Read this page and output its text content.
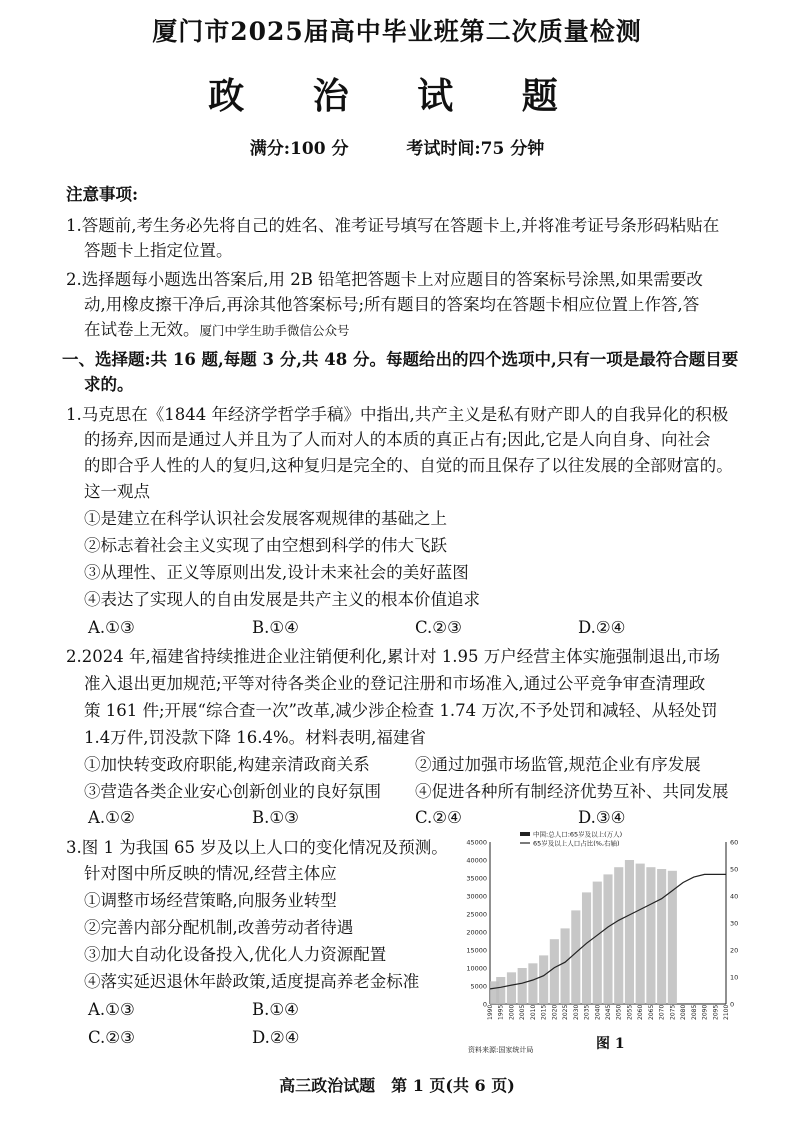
厦门市2025届高中毕业班第二次质量检测
政 治 试 题
满分:100 分	考试时间:75 分钟
注意事项:
1.答题前,考生务必先将自己的姓名、准考证号填写在答题卡上,并将准考证号条形码粘贴在
答题卡上指定位置。
2.选择题每小题选出答案后,用 2B 铅笔把答题卡上对应题目的答案标号涂黑,如果需要改
动,用橡皮擦干净后,再涂其他答案标号;所有题目的答案均在答题卡相应位置上作答,答
在试卷上无效。厦门中学生助手微信公众号
一、选择题:共 16 题,每题 3 分,共 48 分。每题给出的四个选项中,只有一项是最符合题目要
求的。
1.马克思在《1844 年经济学哲学手稿》中指出,共产主义是私有财产即人的自我异化的积极
的扬弃,因而是通过人并且为了人而对人的本质的真正占有;因此,它是人向自身、向社会
的即合乎人性的人的复归,这种复归是完全的、自觉的而且保存了以往发展的全部财富的。
这一观点
①是建立在科学认识社会发展客观规律的基础之上
②标志着社会主义实现了由空想到科学的伟大飞跃
③从理性、正义等原则出发,设计未来社会的美好蓝图
④表达了实现人的自由发展是共产主义的根本价值追求
A.①③	B.①④	C.②③	D.②④
2.2024 年,福建省持续推进企业注销便利化,累计对 1.95 万户经营主体实施强制退出,市场
准入退出更加规范;平等对待各类企业的登记注册和市场准入,通过公平竞争审查清理政
策 161 件;开展“综合查一次”改革,减少涉企检查 1.74 万次,不予处罚和减轻、从轻处罚
1.4万件,罚没款下降 16.4%。材料表明,福建省
①加快转变政府职能,构建亲清政商关系	②通过加强市场监管,规范企业有序发展
③营造各类企业安心创新创业的良好氛围 ④促进各种所有制经济优势互补、共同发展
A.①②	B.①③	C.②④	D.③④
3.图 1 为我国 65 岁及以上人口的变化情况及预测。
针对图中所反映的情况,经营主体应
①调整市场经营策略,向服务业转型
②完善内部分配机制,改善劳动者待遇
③加大自动化设备投入,优化人力资源配置
④落实延迟退休年龄政策,适度提高养老金标准
A.①③	B.①④
C.②③	D.②④
0
5000
10000
15000
20000
25000
30000
35000
40000
45000
0
10
20
30
40
50
60
1990 1995 2000 2005 2010 2015 2020 2025 2030 2035 2040 2045 2050 2055 2060 2065 2070 2075 2080 2085 2090 2095 2100
中国:总人口:65岁及以上(万人)
65岁及以上人口占比(%,右轴)
资料来源:国家统计局	图 1
高三政治试题　第 1 页(共 6 页)
